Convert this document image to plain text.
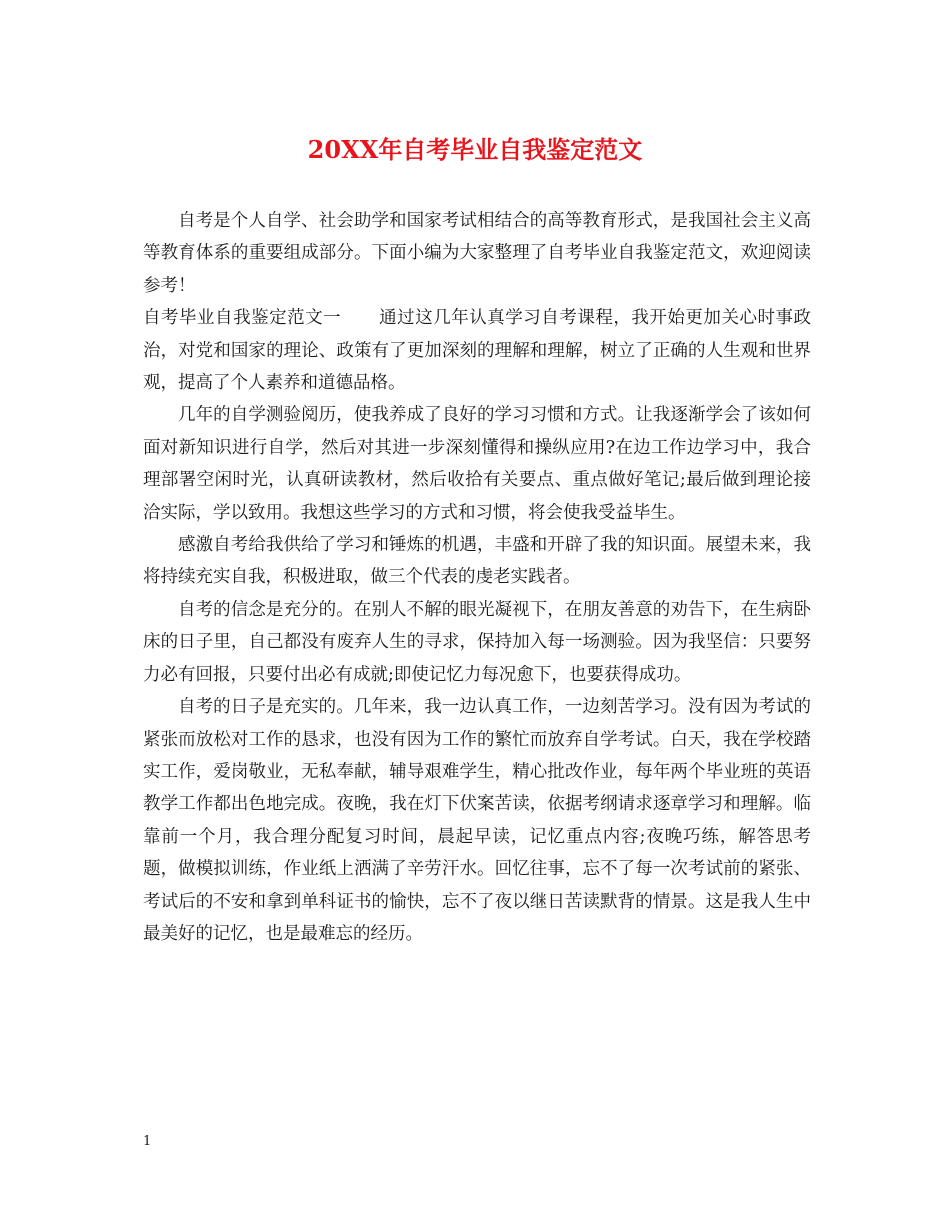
20XX年自考毕业自我鉴定范文

自考是个人自学、社会助学和国家考试相结合的高等教育形式，是我国社会主义高等教育体系的重要组成部分。下面小编为大家整理了自考毕业自我鉴定范文，欢迎阅读参考！

自考毕业自我鉴定范文一 通过这几年认真学习自考课程，我开始更加关心时事政治，对党和国家的理论、政策有了更加深刻的理解和理解，树立了正确的人生观和世界观，提高了个人素养和道德品格。

几年的自学测验阅历，使我养成了良好的学习习惯和方式。让我逐渐学会了该如何面对新知识进行自学，然后对其进一步深刻懂得和操纵应用?在边工作边学习中，我合理部署空闲时光，认真研读教材，然后收拾有关要点、重点做好笔记;最后做到理论接洽实际，学以致用。我想这些学习的方式和习惯，将会使我受益毕生。

感激自考给我供给了学习和锤炼的机遇，丰盛和开辟了我的知识面。展望未来，我将持续充实自我，积极进取，做三个代表的虔老实践者。

自考的信念是充分的。在别人不解的眼光凝视下，在朋友善意的劝告下，在生病卧床的日子里，自己都没有废弃人生的寻求，保持加入每一场测验。因为我坚信：只要努力必有回报，只要付出必有成就;即使记忆力每况愈下，也要获得成功。

自考的日子是充实的。几年来，我一边认真工作，一边刻苦学习。没有因为考试的紧张而放松对工作的恳求，也没有因为工作的繁忙而放弃自学考试。白天，我在学校踏实工作，爱岗敬业，无私奉献，辅导艰难学生，精心批改作业，每年两个毕业班的英语教学工作都出色地完成。夜晚，我在灯下伏案苦读，依据考纲请求逐章学习和理解。临靠前一个月，我合理分配复习时间，晨起早读，记忆重点内容;夜晚巧练，解答思考题，做模拟训练，作业纸上洒满了辛劳汗水。回忆往事，忘不了每一次考试前的紧张、考试后的不安和拿到单科证书的愉快，忘不了夜以继日苦读默背的情景。这是我人生中最美好的记忆，也是最难忘的经历。

1
